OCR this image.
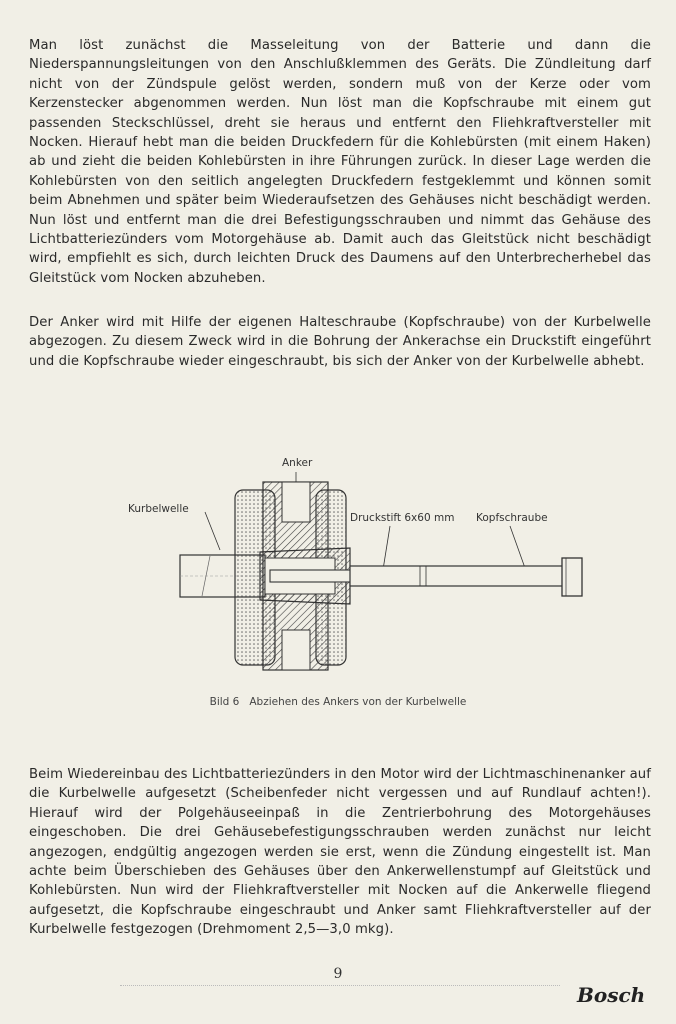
Man löst zunächst die Masseleitung von der Batterie und dann die Niederspannungsleitungen von den Anschlußklemmen des Geräts. Die Zündleitung darf nicht von der Zündspule gelöst werden, sondern muß von der Kerze oder vom Kerzenstecker abgenommen werden. Nun löst man die Kopfschraube mit einem gut passenden Steckschlüssel, dreht sie heraus und entfernt den Fliehkraftversteller mit Nocken. Hierauf hebt man die beiden Druckfedern für die Kohlebürsten (mit einem Haken) ab und zieht die beiden Kohlebürsten in ihre Führungen zurück. In dieser Lage werden die Kohlebürsten von den seitlich angelegten Druckfedern festgeklemmt und können somit beim Abnehmen und später beim Wiederaufsetzen des Gehäuses nicht beschädigt werden. Nun löst und entfernt man die drei Befestigungsschrauben und nimmt das Gehäuse des Lichtbatteriezünders vom Motorgehäuse ab. Damit auch das Gleitstück nicht beschädigt wird, empfiehlt es sich, durch leichten Druck des Daumens auf den Unterbrecherhebel das Gleitstück vom Nocken abzuheben.

Der Anker wird mit Hilfe der eigenen Halteschraube (Kopfschraube) von der Kurbelwelle abgezogen. Zu diesem Zweck wird in die Bohrung der Ankerachse ein Druckstift eingeführt und die Kopfschraube wieder eingeschraubt, bis sich der Anker von der Kurbelwelle abhebt.

Anker
Kurbelwelle
Druckstift 6x60 mm Kopfschraube
Bild 6 Abziehen des Ankers von der Kurbelwelle

Beim Wiedereinbau des Lichtbatteriezünders in den Motor wird der Lichtmaschinenanker auf die Kurbelwelle aufgesetzt (Scheibenfeder nicht vergessen und auf Rundlauf achten!). Hierauf wird der Polgehäuseeinpaß in die Zentrierbohrung des Motorgehäuses eingeschoben. Die drei Gehäusebefestigungsschrauben werden zunächst nur leicht angezogen, endgültig angezogen werden sie erst, wenn die Zündung eingestellt ist. Man achte beim Überschieben des Gehäuses über den Ankerwellenstumpf auf Gleitstück und Kohlebürsten. Nun wird der Fliehkraftversteller mit Nocken auf die Ankerwelle fliegend aufgesetzt, die Kopfschraube eingeschraubt und Anker samt Fliehkraftversteller auf der Kurbelwelle festgezogen (Drehmoment 2,5—3,0 mkg).

9
Bosch
